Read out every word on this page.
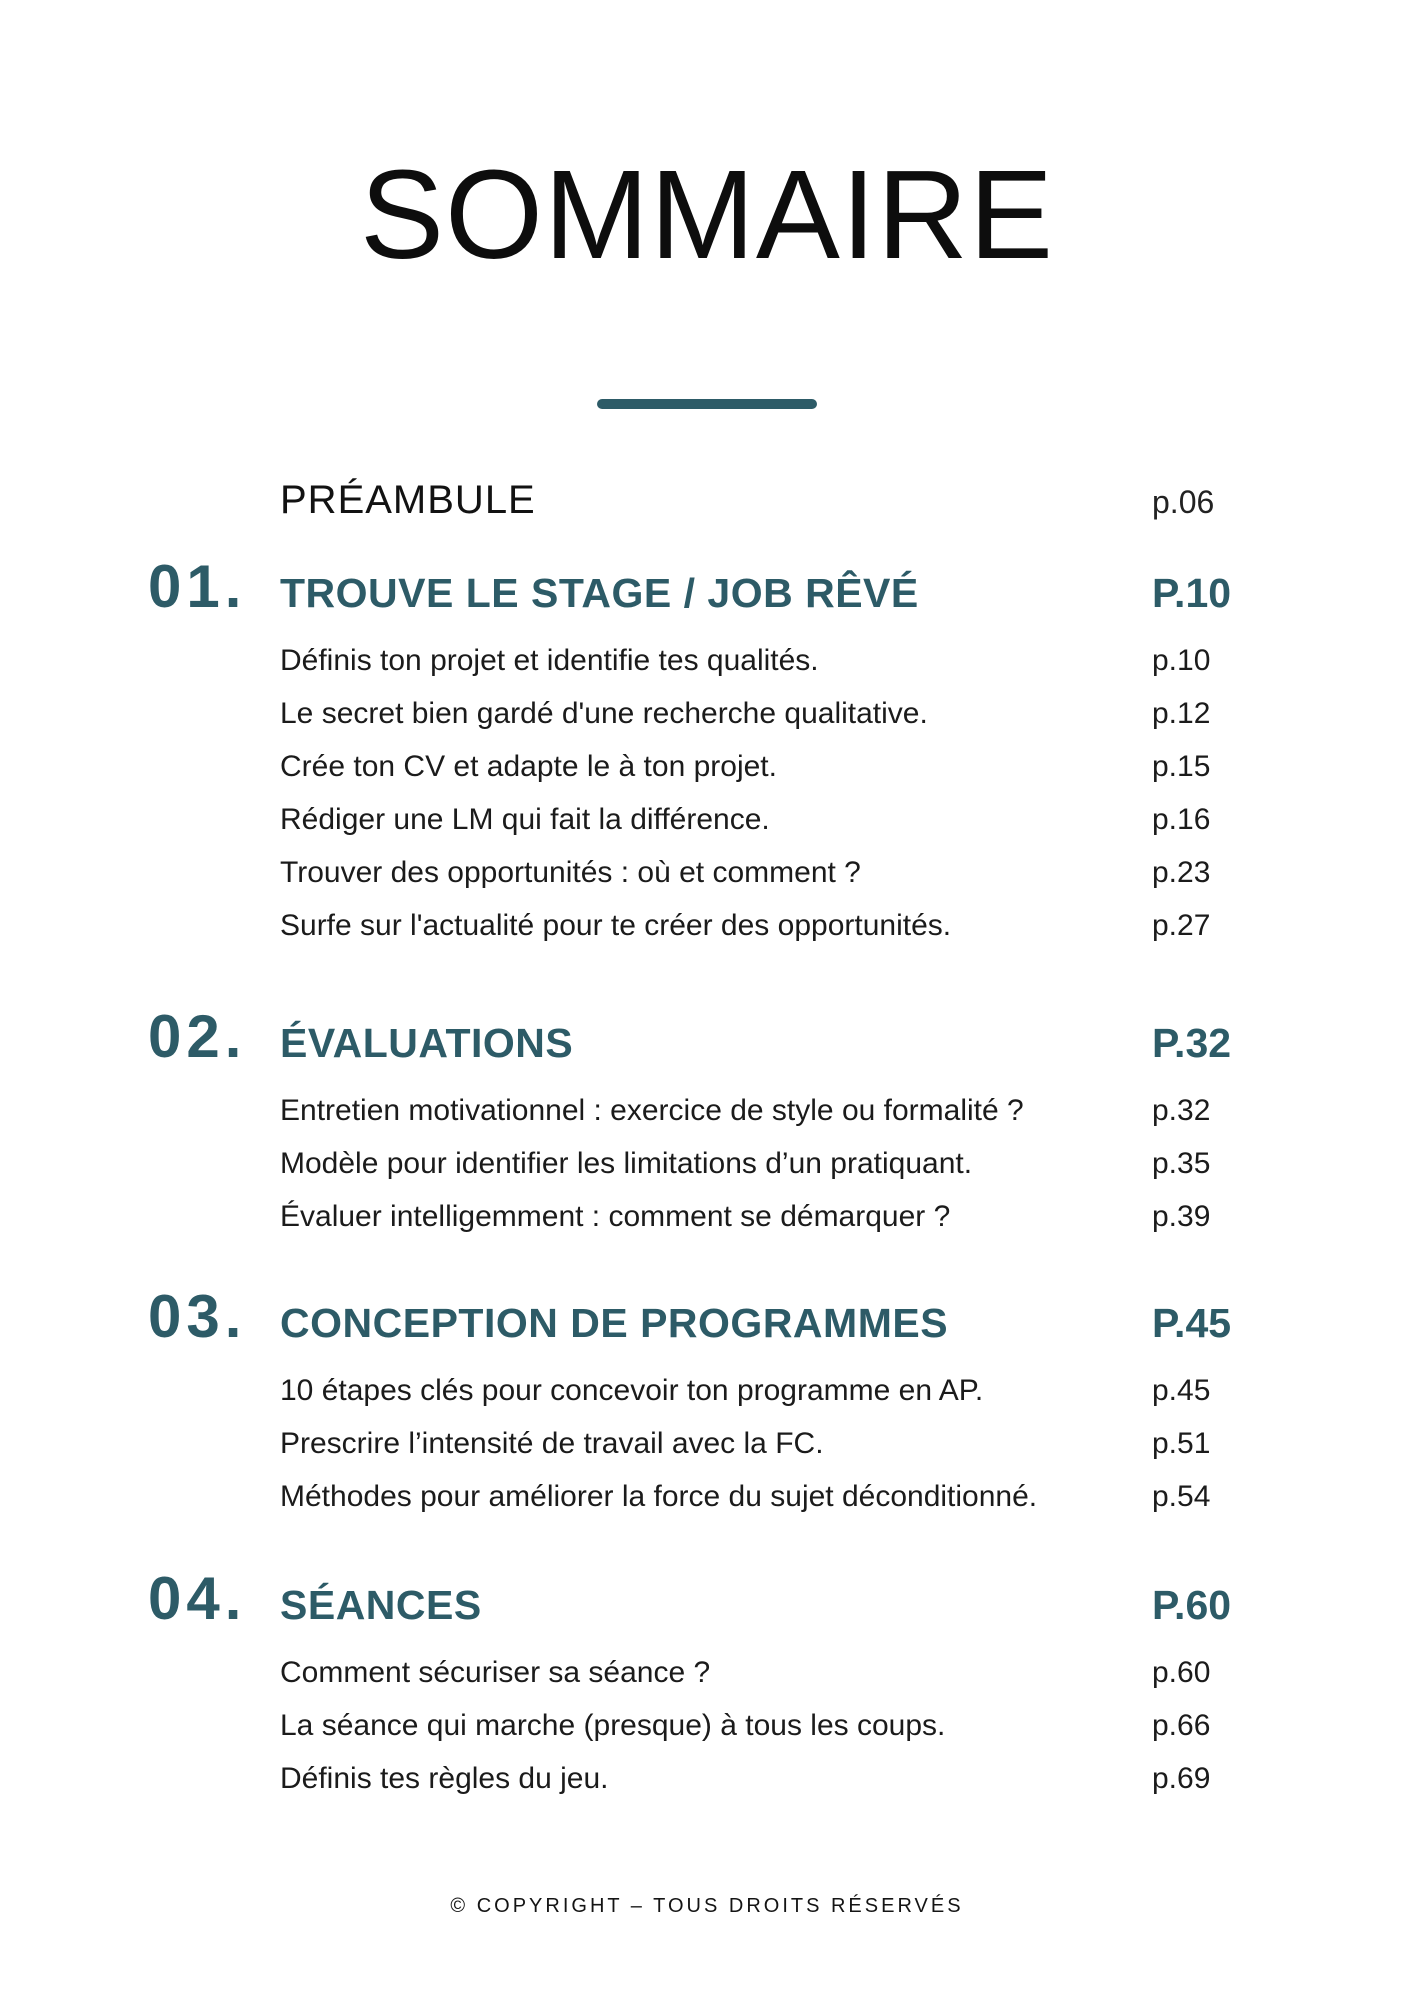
SOMMAIRE
PRÉAMBULE	p.06
01. TROUVE LE STAGE / JOB RÊVÉ	P.10
Définis ton projet et identifie tes qualités.	p.10
Le secret bien gardé d'une recherche qualitative.	p.12
Crée ton CV et adapte le à ton projet.	p.15
Rédiger une LM qui fait la différence.	p.16
Trouver des opportunités : où et comment ?	p.23
Surfe sur l'actualité pour te créer des opportunités.	p.27
02. ÉVALUATIONS	P.32
Entretien motivationnel : exercice de style ou formalité ?	p.32
Modèle pour identifier les limitations d’un pratiquant.	p.35
Évaluer intelligemment : comment se démarquer ?	p.39
03. CONCEPTION DE PROGRAMMES	P.45
10 étapes clés pour concevoir ton programme en AP.	p.45
Prescrire l’intensité de travail avec la FC.	p.51
Méthodes pour améliorer la force du sujet déconditionné.	p.54
04. SÉANCES	P.60
Comment sécuriser sa séance ?	p.60
La séance qui marche (presque) à tous les coups.	p.66
Définis tes règles du jeu.	p.69
© COPYRIGHT – TOUS DROITS RÉSERVÉS
